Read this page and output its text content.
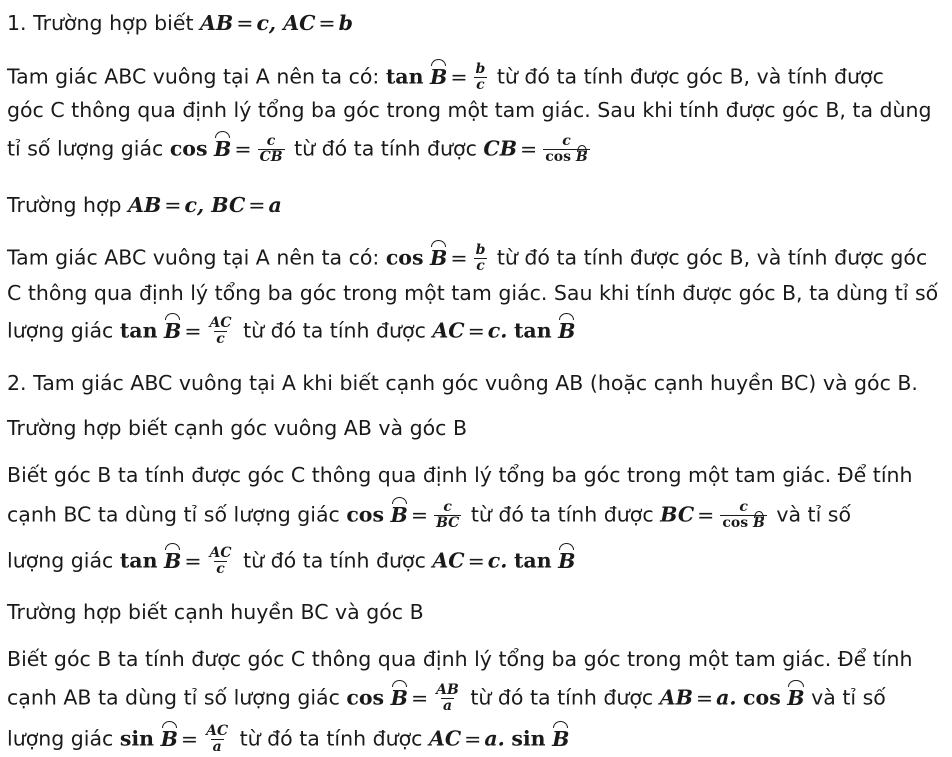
1. Trường hợp biết AB = c, AC = b
Tam giác ABC vuông tại A nên ta có: $\tan B = \frac{b}{c}$ từ đó ta tính được góc B, và tính được
góc C thông qua định lý tổng ba góc trong một tam giác. Sau khi tính được góc B, ta dùng
tỉ số lượng giác $\cos B = \frac{c}{CB}$ từ đó ta tính được CB = $\frac{c}{\text{cos B}}$
Trường hợp AB = c, BC = a
Tam giác ABC vuông tại A nên ta có: $\cos B = \frac{b}{c}$ từ đó ta tính được góc B, và tính được góc
C thông qua định lý tổng ba góc trong một tam giác. Sau khi tính được góc B, ta dùng tỉ số
lượng giác $\tan B = \frac{AC}{c}$ từ đó ta tính được AC = c. tan B
2. Tam giác ABC vuông tại A khi biết cạnh góc vuông AB (hoặc cạnh huyền BC) và góc B.
Trường hợp biết cạnh góc vuông AB và góc B
Biết góc B ta tính được góc C thông qua định lý tổng ba góc trong một tam giác. Để tính
cạnh BC ta dùng tỉ số lượng giác $\cos B = \frac{c}{BC}$ từ đó ta tính được BC = $\frac{c}{\text{cos B}}$ và tỉ số
lượng giác $\tan B = \frac{AC}{c}$ từ đó ta tính được AC = c. tan B
Trường hợp biết cạnh huyền BC và góc B
Biết góc B ta tính được góc C thông qua định lý tổng ba góc trong một tam giác. Để tính
cạnh AB ta dùng tỉ số lượng giác $\cos B = \frac{AB}{a}$ từ đó ta tính được AB = a. cos B và tỉ số
lượng giác $\sin B = \frac{AC}{a}$ từ đó ta tính được AC = a. sin B
